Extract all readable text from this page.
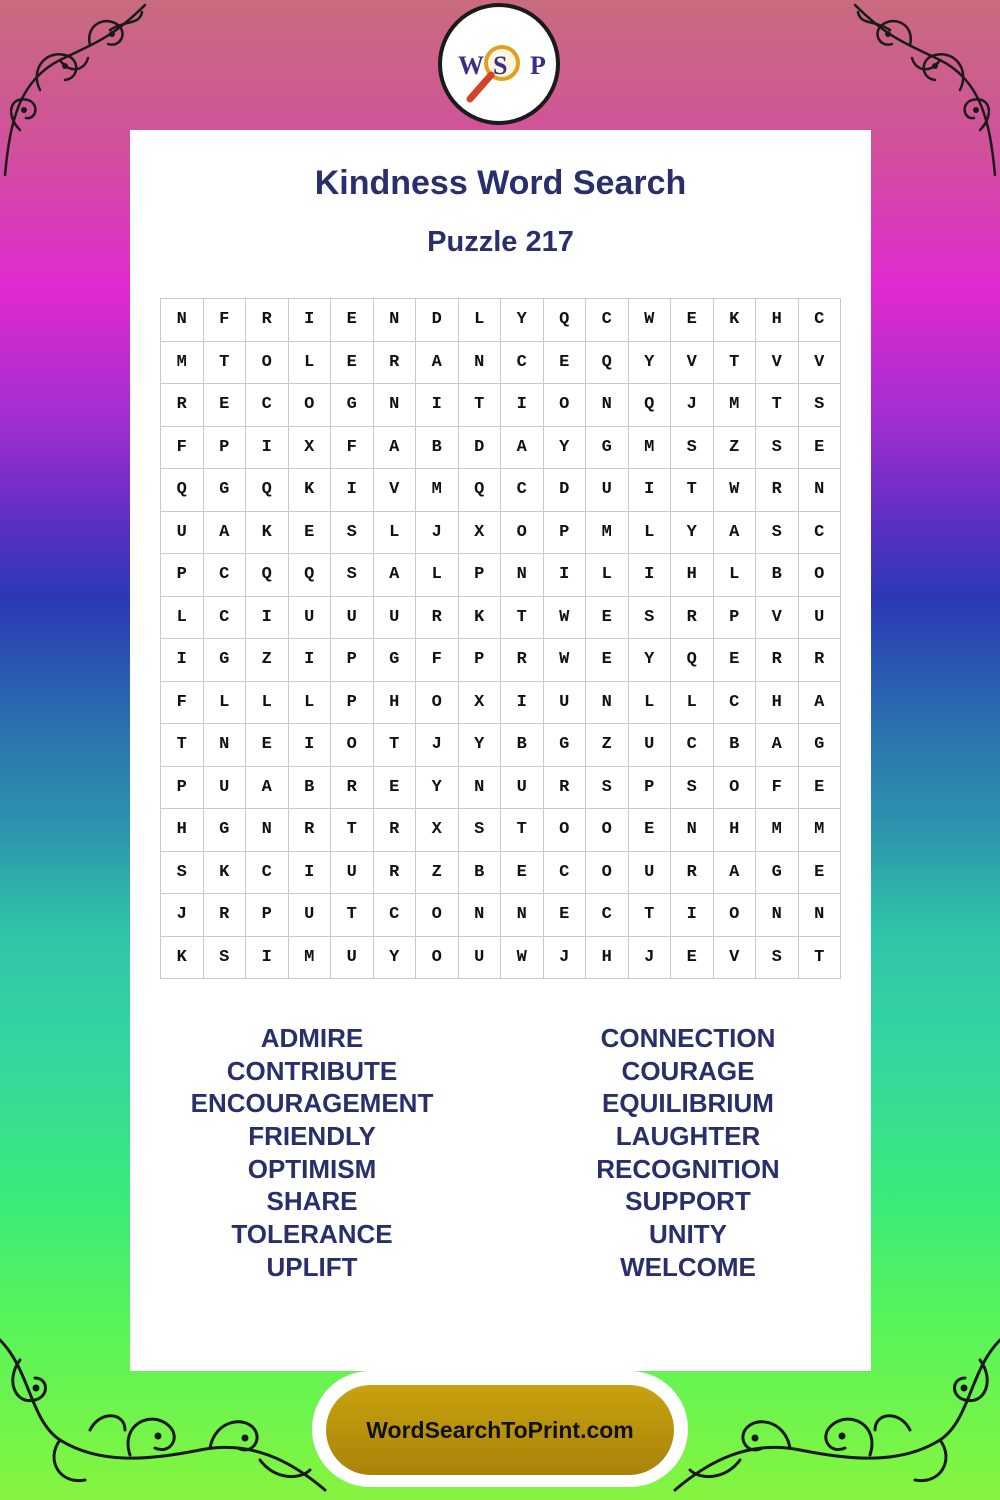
W S P
Kindness Word Search
Puzzle 217
N	F	R	I	E	N	D	L	Y	Q	C	W	E	K	H	C
M	T	O	L	E	R	A	N	C	E	Q	Y	V	T	V	V
R	E	C	O	G	N	I	T	I	O	N	Q	J	M	T	S
F	P	I	X	F	A	B	D	A	Y	G	M	S	Z	S	E
Q	G	Q	K	I	V	M	Q	C	D	U	I	T	W	R	N
U	A	K	E	S	L	J	X	O	P	M	L	Y	A	S	C
P	C	Q	Q	S	A	L	P	N	I	L	I	H	L	B	O
L	C	I	U	U	U	R	K	T	W	E	S	R	P	V	U
I	G	Z	I	P	G	F	P	R	W	E	Y	Q	E	R	R
F	L	L	L	P	H	O	X	I	U	N	L	L	C	H	A
T	N	E	I	O	T	J	Y	B	G	Z	U	C	B	A	G
P	U	A	B	R	E	Y	N	U	R	S	P	S	O	F	E
H	G	N	R	T	R	X	S	T	O	O	E	N	H	M	M
S	K	C	I	U	R	Z	B	E	C	O	U	R	A	G	E
J	R	P	U	T	C	O	N	N	E	C	T	I	O	N	N
K	S	I	M	U	Y	O	U	W	J	H	J	E	V	S	T
ADMIRE
CONTRIBUTE
ENCOURAGEMENT
FRIENDLY
OPTIMISM
SHARE
TOLERANCE
UPLIFT
CONNECTION
COURAGE
EQUILIBRIUM
LAUGHTER
RECOGNITION
SUPPORT
UNITY
WELCOME
WordSearchToPrint.com
